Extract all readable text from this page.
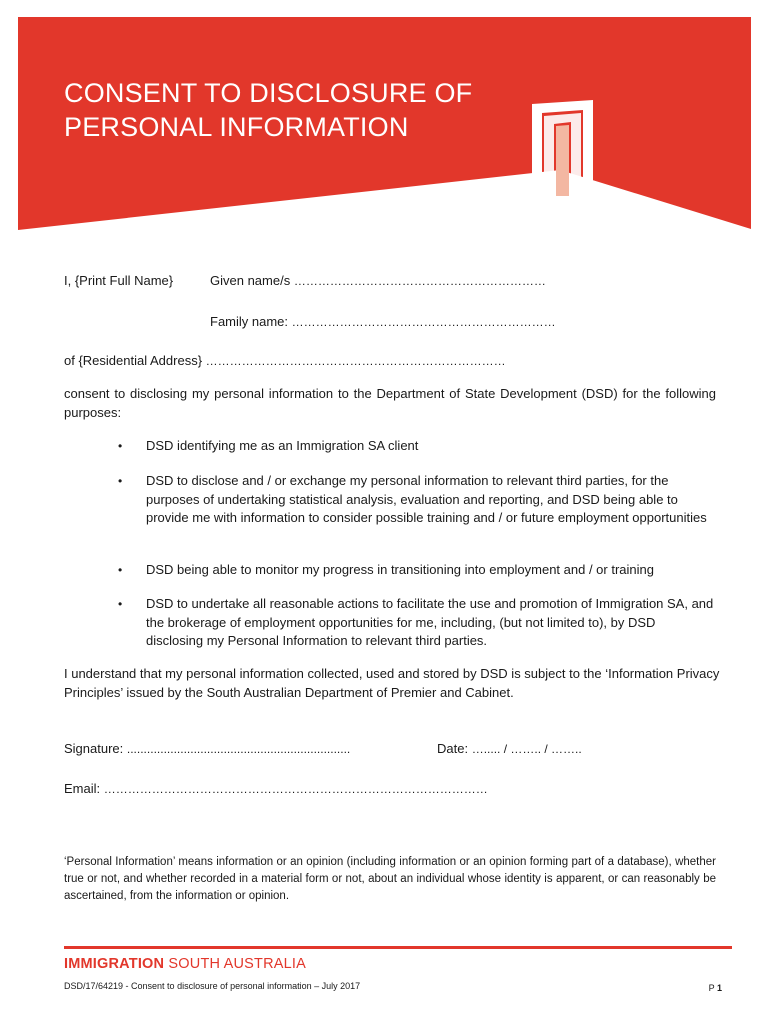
CONSENT TO DISCLOSURE OF
PERSONAL INFORMATION

I, {Print Full Name}	Given name/s ………………………………………………………

Family name: …………………………………………………………

of {Residential Address} …………………………………………………………………

consent to disclosing my personal information to the Department of State Development (DSD) for the following purposes:

• DSD identifying me as an Immigration SA client

• DSD to disclose and / or exchange my personal information to relevant third parties, for the purposes of undertaking statistical analysis, evaluation and reporting, and DSD being able to provide me with information to consider possible training and / or future employment opportunities

• DSD being able to monitor my progress in transitioning into employment and / or training

• DSD to undertake all reasonable actions to facilitate the use and promotion of Immigration SA, and the brokerage of employment opportunities for me, including, (but not limited to), by DSD disclosing my Personal Information to relevant third parties.

I understand that my personal information collected, used and stored by DSD is subject to the ‘Information Privacy Principles’ issued by the South Australian Department of Premier and Cabinet.

Signature: ...................................................................	Date: …..... / …….. / ……..

Email: ……………………………………………………………………………………

‘Personal Information’ means information or an opinion (including information or an opinion forming part of a database), whether true or not, and whether recorded in a material form or not, about an individual whose identity is apparent, or can reasonably be ascertained, from the information or opinion.

IMMIGRATION SOUTH AUSTRALIA

DSD/17/64219 - Consent to disclosure of personal information – July 2017	P 1
